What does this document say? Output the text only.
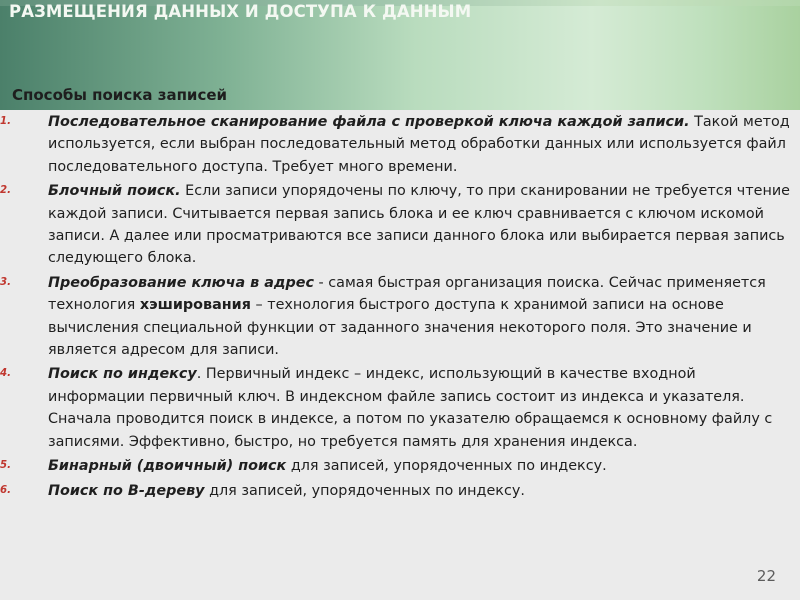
РАЗМЕЩЕНИЯ ДАННЫХ И ДОСТУПА К ДАННЫМ
Способы поиска записей
1.	Последовательное сканирование файла с проверкой ключа каждой записи. Такой метод используется, если выбран последовательный метод обработки данных или используется файл последовательного доступа. Требует много времени.
2.	Блочный поиск. Если записи упорядочены по ключу, то при сканировании не требуется чтение каждой записи. Считывается первая запись блока и ее ключ сравнивается с ключом искомой записи. А далее или просматриваются все записи данного блока или выбирается первая запись следующего блока.
3.	Преобразование ключа в адрес - самая быстрая организация поиска. Сейчас применяется технология хэширования – технология быстрого доступа к хранимой записи на основе вычисления специальной функции от заданного значения некоторого поля. Это значение и является адресом для записи.
4.	Поиск по индексу. Первичный индекс – индекс, использующий в качестве входной информации первичный ключ. В индексном файле запись состоит из индекса и указателя. Сначала проводится поиск в индексе, а потом по указателю обращаемся к основному файлу с записями. Эффективно, быстро, но требуется память для хранения индекса.
5.	Бинарный (двоичный) поиск для записей, упорядоченных по индексу.
6.	Поиск по B-дереву для записей, упорядоченных по индексу.
22
